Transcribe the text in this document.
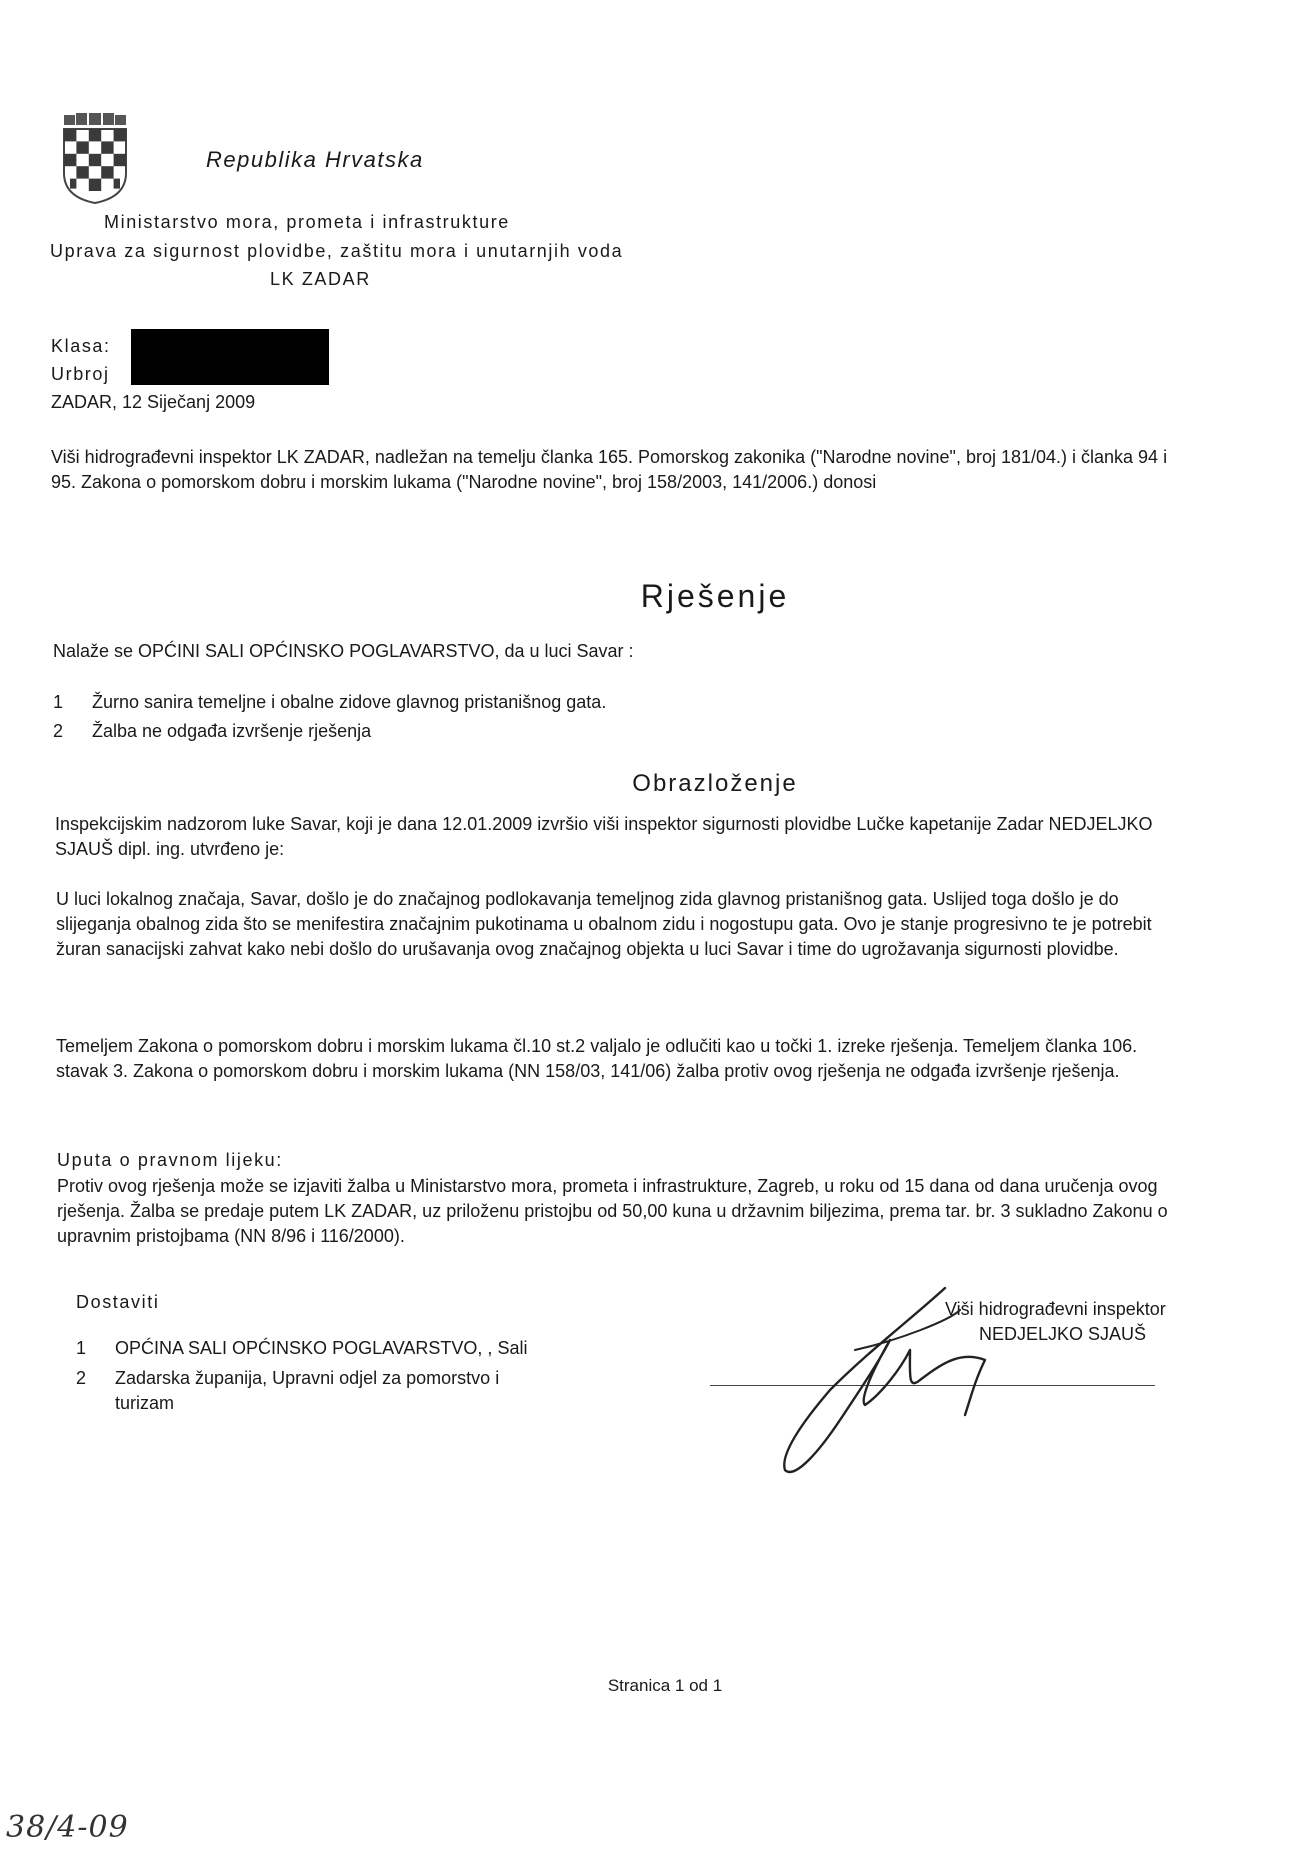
Republika Hrvatska
Ministarstvo mora, prometa i infrastrukture
Uprava za sigurnost plovidbe, zaštitu mora i unutarnjih voda
LK ZADAR
Klasa:
Urbroj
ZADAR, 12 Siječanj 2009
Viši hidrograđevni inspektor LK ZADAR, nadležan na temelju članka 165. Pomorskog zakonika ("Narodne novine", broj 181/04.) i članka 94 i 95. Zakona o pomorskom dobru i morskim lukama ("Narodne novine", broj 158/2003, 141/2006.) donosi
Rješenje
Nalaže se OPĆINI SALI OPĆINSKO POGLAVARSTVO, da u luci Savar :
1 Žurno sanira temeljne i obalne zidove glavnog pristanišnog gata.
2 Žalba ne odgađa izvršenje rješenja
Obrazloženje
Inspekcijskim nadzorom luke Savar, koji je dana 12.01.2009 izvršio viši inspektor sigurnosti plovidbe Lučke kapetanije Zadar NEDJELJKO SJAUŠ dipl. ing. utvrđeno je:
U luci lokalnog značaja, Savar, došlo je do značajnog podlokavanja temeljnog zida glavnog pristanišnog gata. Uslijed toga došlo je do slijeganja obalnog zida što se menifestira značajnim pukotinama u obalnom zidu i nogostupu gata. Ovo je stanje progresivno te je potrebit žuran sanacijski zahvat kako nebi došlo do urušavanja ovog značajnog objekta u luci Savar i time do ugrožavanja sigurnosti plovidbe.
Temeljem Zakona o pomorskom dobru i morskim lukama čl.10 st.2 valjalo je odlučiti kao u točki 1. izreke rješenja. Temeljem članka 106. stavak 3. Zakona o pomorskom dobru i morskim lukama (NN 158/03, 141/06) žalba protiv ovog rješenja ne odgađa izvršenje rješenja.
Uputa o pravnom lijeku:
Protiv ovog rješenja može se izjaviti žalba u Ministarstvo mora, prometa i infrastrukture, Zagreb, u roku od 15 dana od dana uručenja ovog rješenja. Žalba se predaje putem LK ZADAR, uz priloženu pristojbu od 50,00 kuna u državnim biljezima, prema tar. br. 3 sukladno Zakonu o upravnim pristojbama (NN 8/96 i 116/2000).
Dostaviti
1 OPĆINA SALI OPĆINSKO POGLAVARSTVO, , Sali
2 Zadarska županija, Upravni odjel za pomorstvo i turizam
Viši hidrograđevni inspektor
NEDJELJKO SJAUŠ
Stranica 1 od 1
38/4-09
